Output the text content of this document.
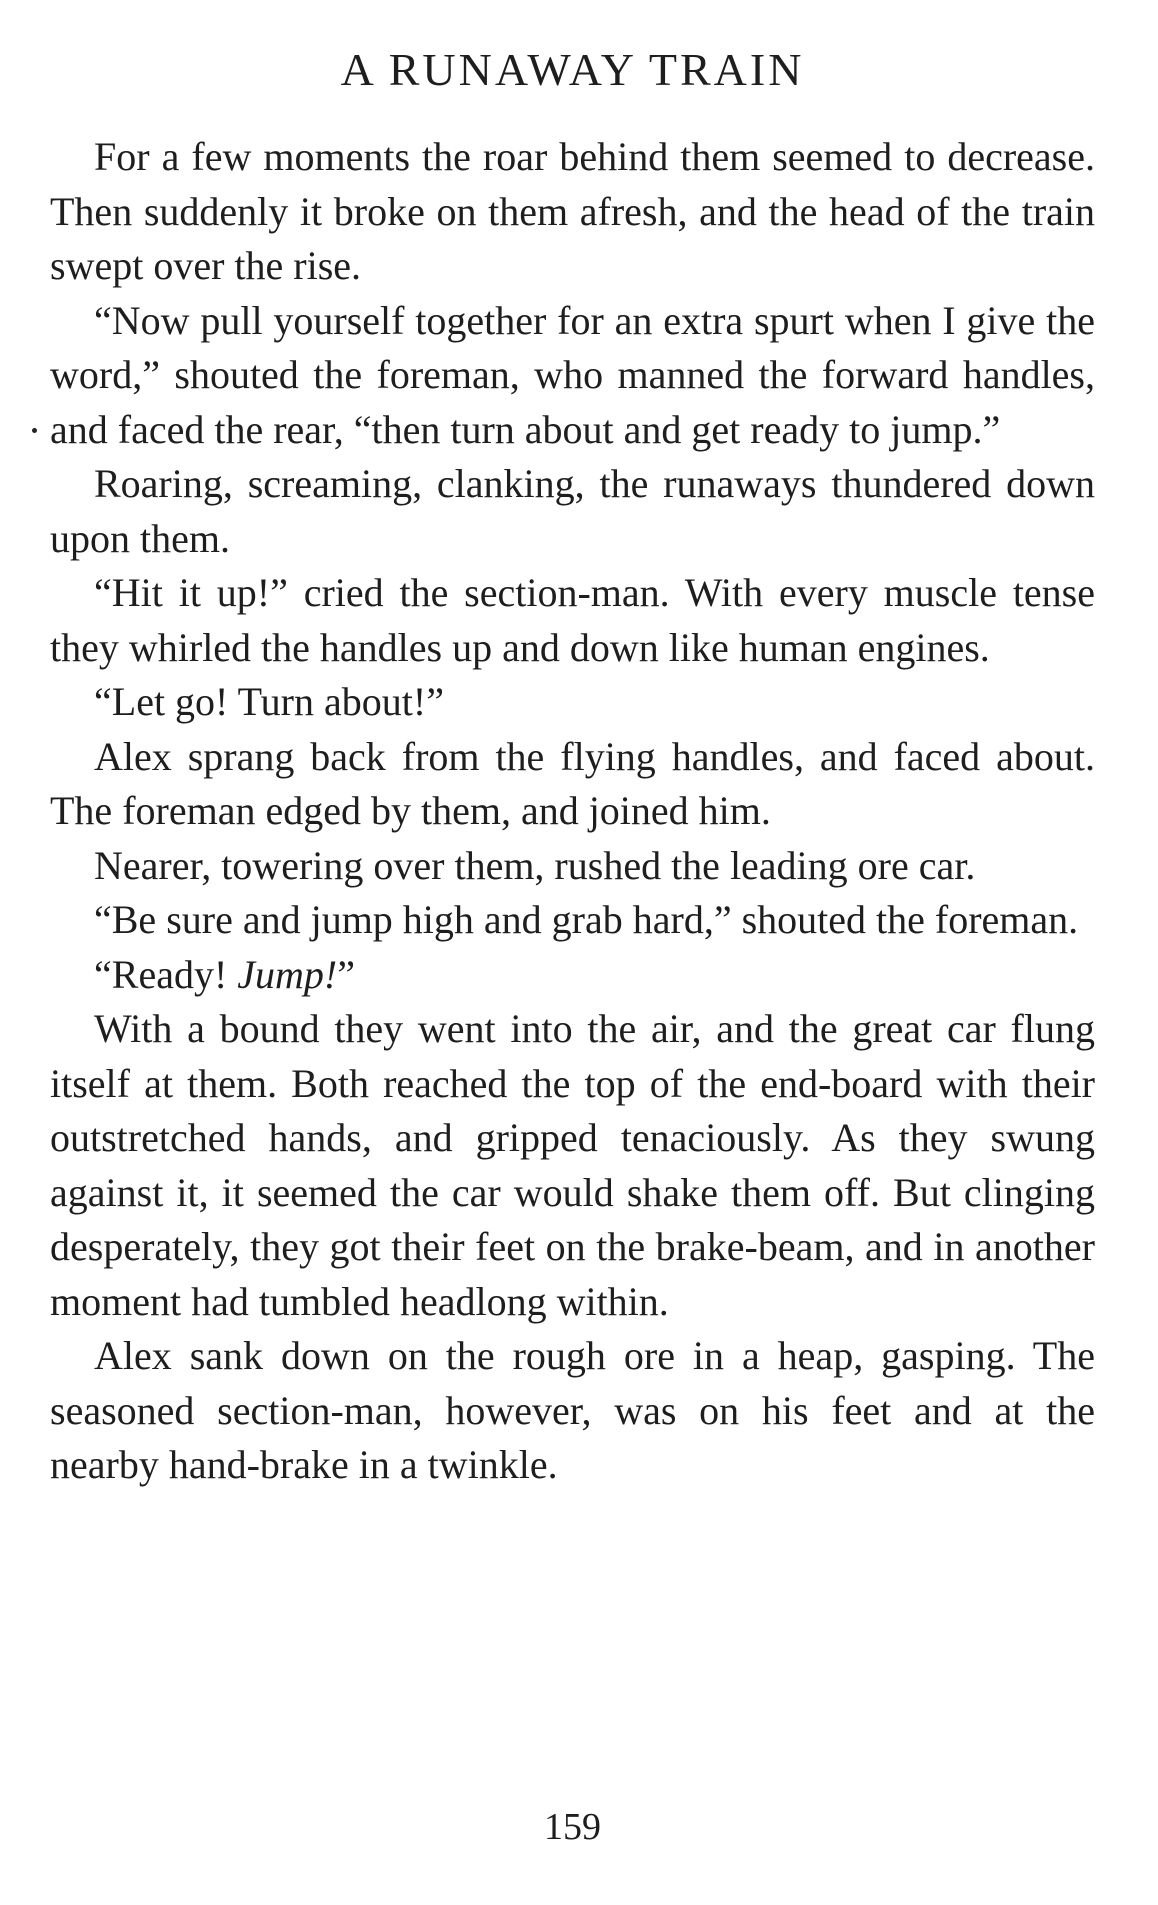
A RUNAWAY TRAIN

For a few moments the roar behind them seemed to decrease. Then suddenly it broke on them afresh, and the head of the train swept over the rise.

“Now pull yourself together for an extra spurt when I give the word,” shouted the foreman, who manned the forward handles, and faced the rear, “then turn about and get ready to jump.”

Roaring, screaming, clanking, the runaways thundered down upon them.

“Hit it up!” cried the section-man. With every muscle tense they whirled the handles up and down like human engines.

“Let go! Turn about!”

Alex sprang back from the flying handles, and faced about. The foreman edged by them, and joined him.

Nearer, towering over them, rushed the leading ore car.

“Be sure and jump high and grab hard,” shouted the foreman.

“Ready! Jump!”

With a bound they went into the air, and the great car flung itself at them. Both reached the top of the end-board with their outstretched hands, and gripped tenaciously. As they swung against it, it seemed the car would shake them off. But clinging desperately, they got their feet on the brake-beam, and in another moment had tumbled headlong within.

Alex sank down on the rough ore in a heap, gasping. The seasoned section-man, however, was on his feet and at the nearby hand-brake in a twinkle.

159
